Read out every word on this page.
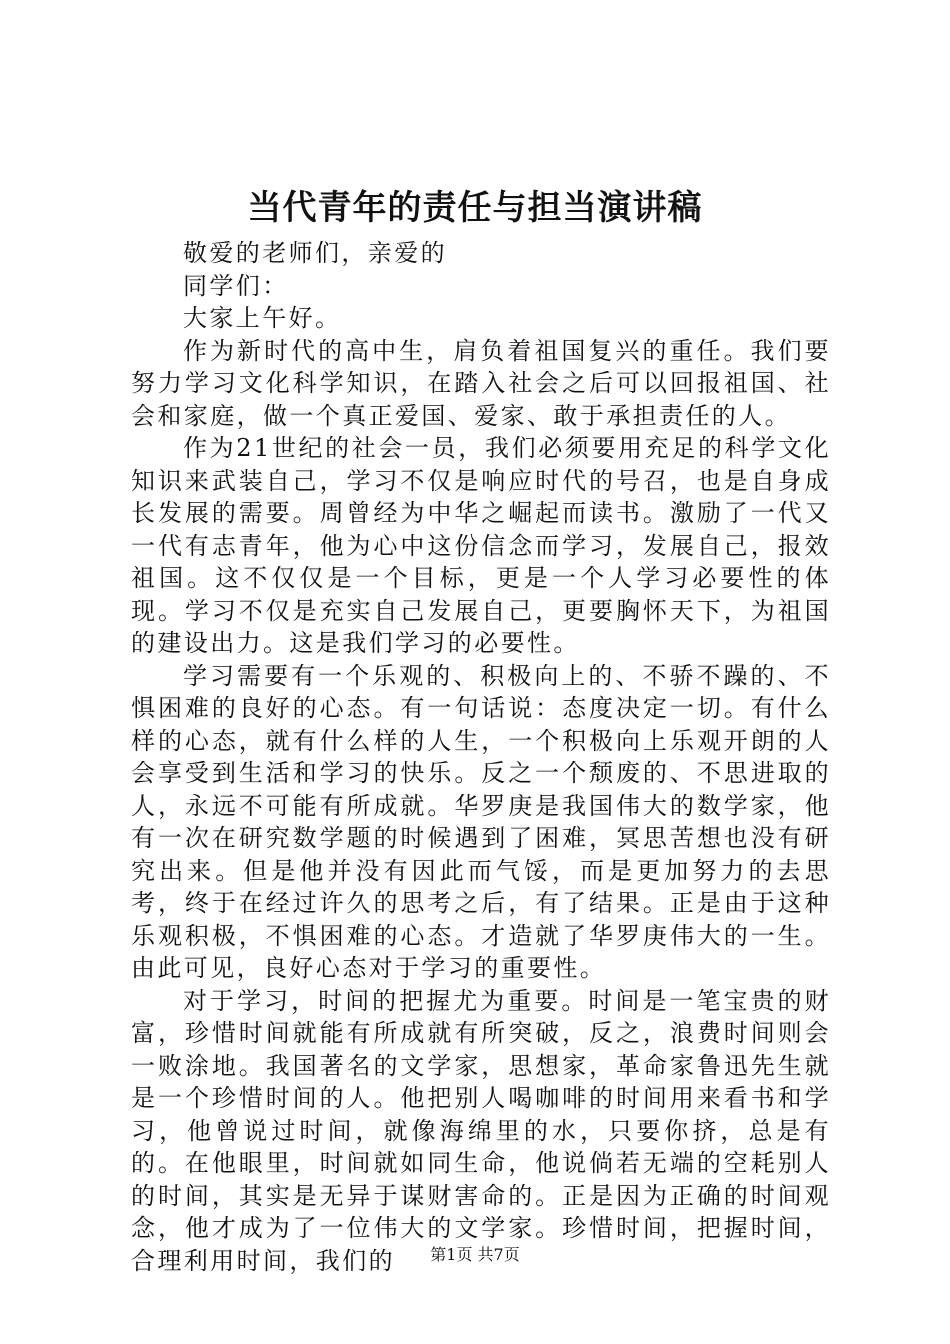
当代青年的责任与担当演讲稿

敬爱的老师们，亲爱的

同学们：

大家上午好。

作为新时代的高中生，肩负着祖国复兴的重任。我们要努力学习文化科学知识，在踏入社会之后可以回报祖国、社会和家庭，做一个真正爱国、爱家、敢于承担责任的人。

作为21世纪的社会一员，我们必须要用充足的科学文化知识来武装自己，学习不仅是响应时代的号召，也是自身成长发展的需要。周曾经为中华之崛起而读书。激励了一代又一代有志青年，他为心中这份信念而学习，发展自己，报效祖国。这不仅仅是一个目标，更是一个人学习必要性的体现。学习不仅是充实自己发展自己，更要胸怀天下，为祖国的建设出力。这是我们学习的必要性。

学习需要有一个乐观的、积极向上的、不骄不躁的、不惧困难的良好的心态。有一句话说：态度决定一切。有什么样的心态，就有什么样的人生，一个积极向上乐观开朗的人会享受到生活和学习的快乐。反之一个颓废的、不思进取的人，永远不可能有所成就。华罗庚是我国伟大的数学家，他有一次在研究数学题的时候遇到了困难，冥思苦想也没有研究出来。但是他并没有因此而气馁，而是更加努力的去思考，终于在经过许久的思考之后，有了结果。正是由于这种乐观积极，不惧困难的心态。才造就了华罗庚伟大的一生。由此可见，良好心态对于学习的重要性。

对于学习，时间的把握尤为重要。时间是一笔宝贵的财富，珍惜时间就能有所成就有所突破，反之，浪费时间则会一败涂地。我国著名的文学家，思想家，革命家鲁迅先生就是一个珍惜时间的人。他把别人喝咖啡的时间用来看书和学习，他曾说过时间，就像海绵里的水，只要你挤，总是有的。在他眼里，时间就如同生命，他说倘若无端的空耗别人的时间，其实是无异于谋财害命的。正是因为正确的时间观念，他才成为了一位伟大的文学家。珍惜时间，把握时间，合理利用时间，我们的	第1页 共7页
